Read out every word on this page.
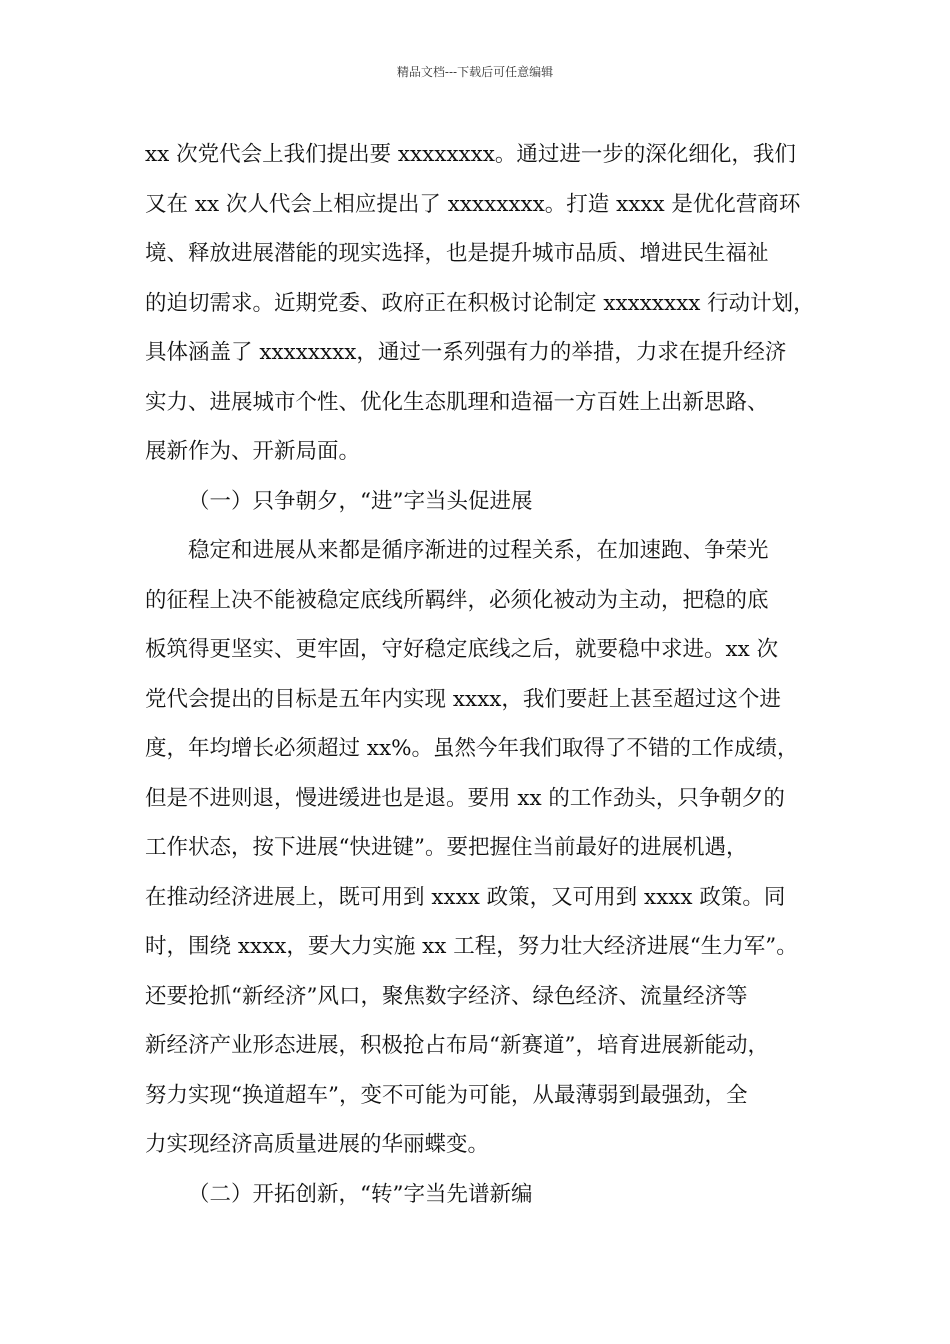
精品文档---下载后可任意编辑
xx 次党代会上我们提出要 xxxxxxxx。通过进一步的深化细化，我们
又在 xx 次人代会上相应提出了 xxxxxxxx。打造 xxxx 是优化营商环
境、释放进展潜能的现实选择，也是提升城市品质、增进民生福祉
的迫切需求。近期党委、政府正在积极讨论制定 xxxxxxxx 行动计划，
具体涵盖了 xxxxxxxx，通过一系列强有力的举措，力求在提升经济
实力、进展城市个性、优化生态肌理和造福一方百姓上出新思路、
展新作为、开新局面。
（一）只争朝夕，“进”字当头促进展
稳定和进展从来都是循序渐进的过程关系，在加速跑、争荣光
的征程上决不能被稳定底线所羁绊，必须化被动为主动，把稳的底
板筑得更坚实、更牢固，守好稳定底线之后，就要稳中求进。xx 次
党代会提出的目标是五年内实现 xxxx，我们要赶上甚至超过这个进
度，年均增长必须超过 xx%。虽然今年我们取得了不错的工作成绩，
但是不进则退，慢进缓进也是退。要用 xx 的工作劲头，只争朝夕的
工作状态，按下进展“快进键”。要把握住当前最好的进展机遇，
在推动经济进展上，既可用到 xxxx 政策，又可用到 xxxx 政策。同
时，围绕 xxxx，要大力实施 xx 工程，努力壮大经济进展“生力军”。
还要抢抓“新经济”风口，聚焦数字经济、绿色经济、流量经济等
新经济产业形态进展，积极抢占布局“新赛道”，培育进展新能动，
努力实现“换道超车”，变不可能为可能，从最薄弱到最强劲，全
力实现经济高质量进展的华丽蝶变。
（二）开拓创新，“转”字当先谱新编
